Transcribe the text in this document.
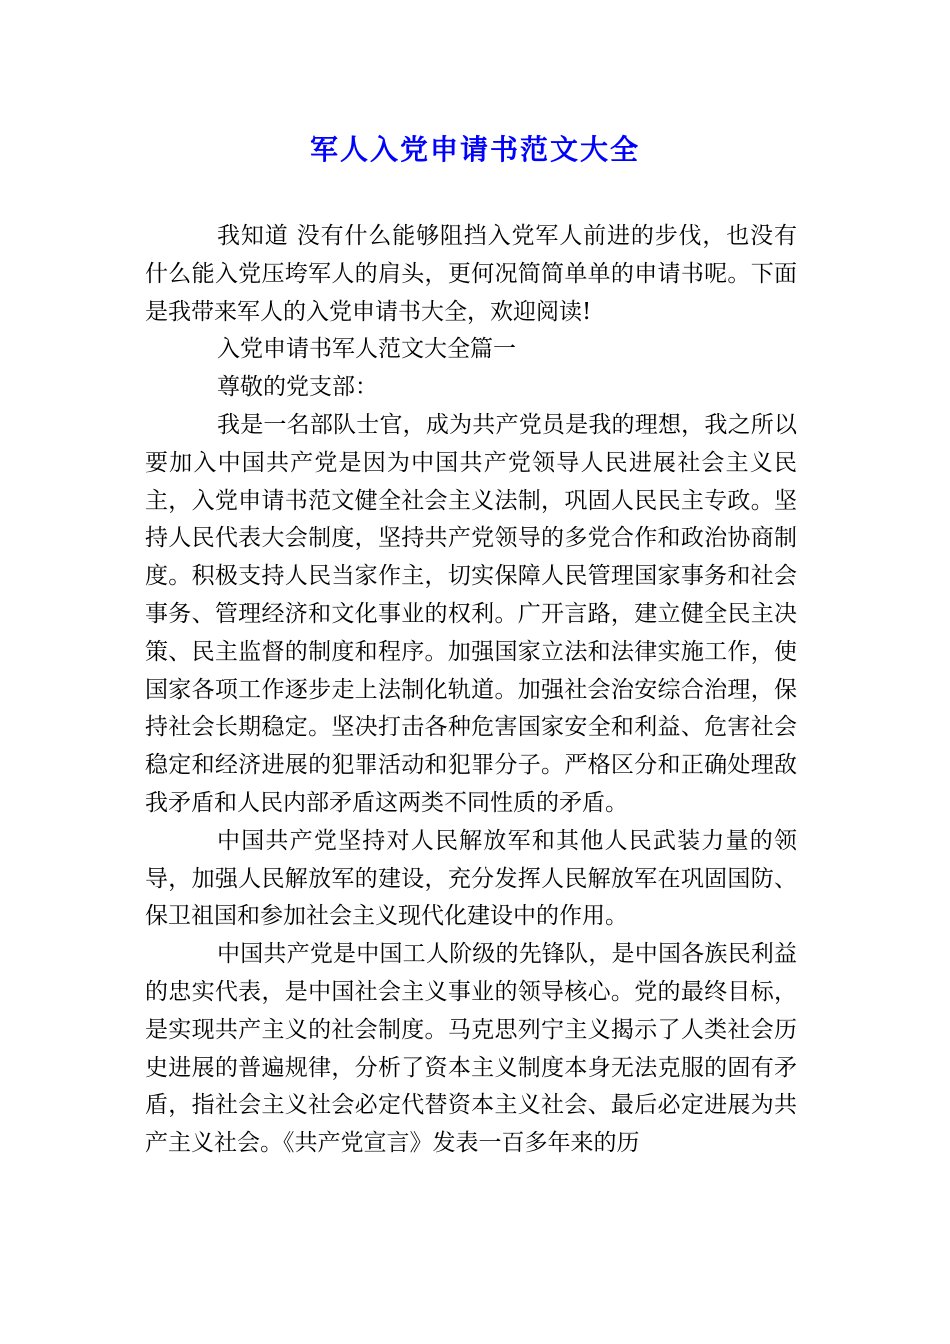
军人入党申请书范文大全

我知道 没有什么能够阻挡入党军人前进的步伐，也没有什么能入党压垮军人的肩头，更何况简简单单的申请书呢。下面是我带来军人的入党申请书大全，欢迎阅读!

入党申请书军人范文大全篇一

尊敬的党支部：

我是一名部队士官，成为共产党员是我的理想，我之所以要加入中国共产党是因为中国共产党领导人民进展社会主义民主，入党申请书范文健全社会主义法制，巩固人民民主专政。坚持人民代表大会制度，坚持共产党领导的多党合作和政治协商制度。积极支持人民当家作主，切实保障人民管理国家事务和社会事务、管理经济和文化事业的权利。广开言路，建立健全民主决策、民主监督的制度和程序。加强国家立法和法律实施工作，使国家各项工作逐步走上法制化轨道。加强社会治安综合治理，保持社会长期稳定。坚决打击各种危害国家安全和利益、危害社会稳定和经济进展的犯罪活动和犯罪分子。严格区分和正确处理敌我矛盾和人民内部矛盾这两类不同性质的矛盾。

中国共产党坚持对人民解放军和其他人民武装力量的领导，加强人民解放军的建设，充分发挥人民解放军在巩固国防、保卫祖国和参加社会主义现代化建设中的作用。

中国共产党是中国工人阶级的先锋队，是中国各族民利益的忠实代表，是中国社会主义事业的领导核心。党的最终目标，是实现共产主义的社会制度。马克思列宁主义揭示了人类社会历史进展的普遍规律，分析了资本主义制度本身无法克服的固有矛盾，指社会主义社会必定代替资本主义社会、最后必定进展为共产主义社会。《共产党宣言》发表一百多年来的历
